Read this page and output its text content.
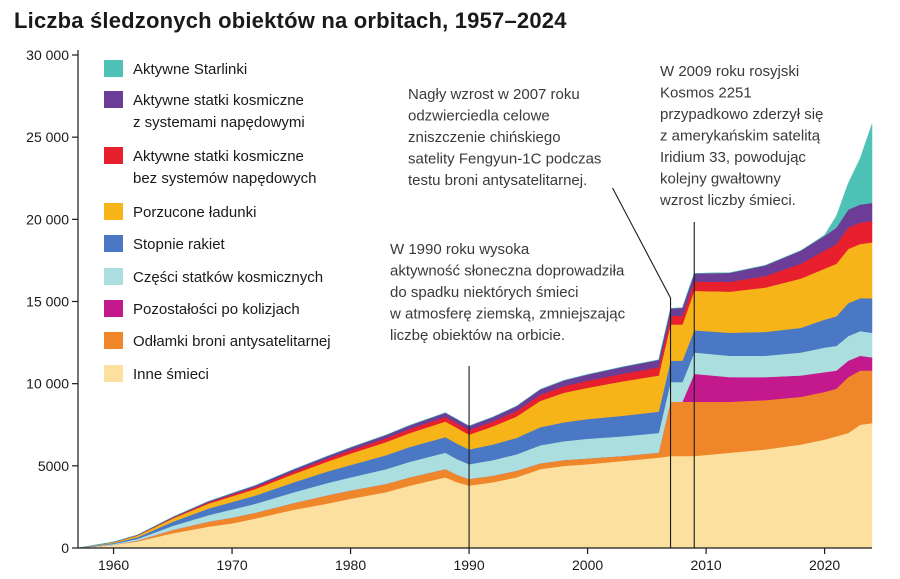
Liczba śledzonych obiektów na orbitach, 1957–2024
0
5000
10 000
15 000
20 000
25 000
30 000
1960	1970	1980	1990	2000	2010	2020
Aktywne Starlinki
Aktywne statki kosmiczne z systemami napędowymi
Aktywne statki kosmiczne bez systemów napędowych
Porzucone ładunki
Stopnie rakiet
Części statków kosmicznych
Pozostałości po kolizjach
Odłamki broni antysatelitarnej
Inne śmieci
W 1990 roku wysoka aktywność słoneczna doprowadziła do spadku niektórych śmieci w atmosferę ziemską, zmniejszając liczbę obiektów na orbicie.
Nagły wzrost w 2007 roku odzwierciedla celowe zniszczenie chińskiego satelity Fengyun-1C podczas testu broni antysatelitarnej.
W 2009 roku rosyjski Kosmos 2251 przypadkowo zderzył się z amerykańskim satelitą Iridium 33, powodując kolejny gwałtowny wzrost liczby śmieci.
